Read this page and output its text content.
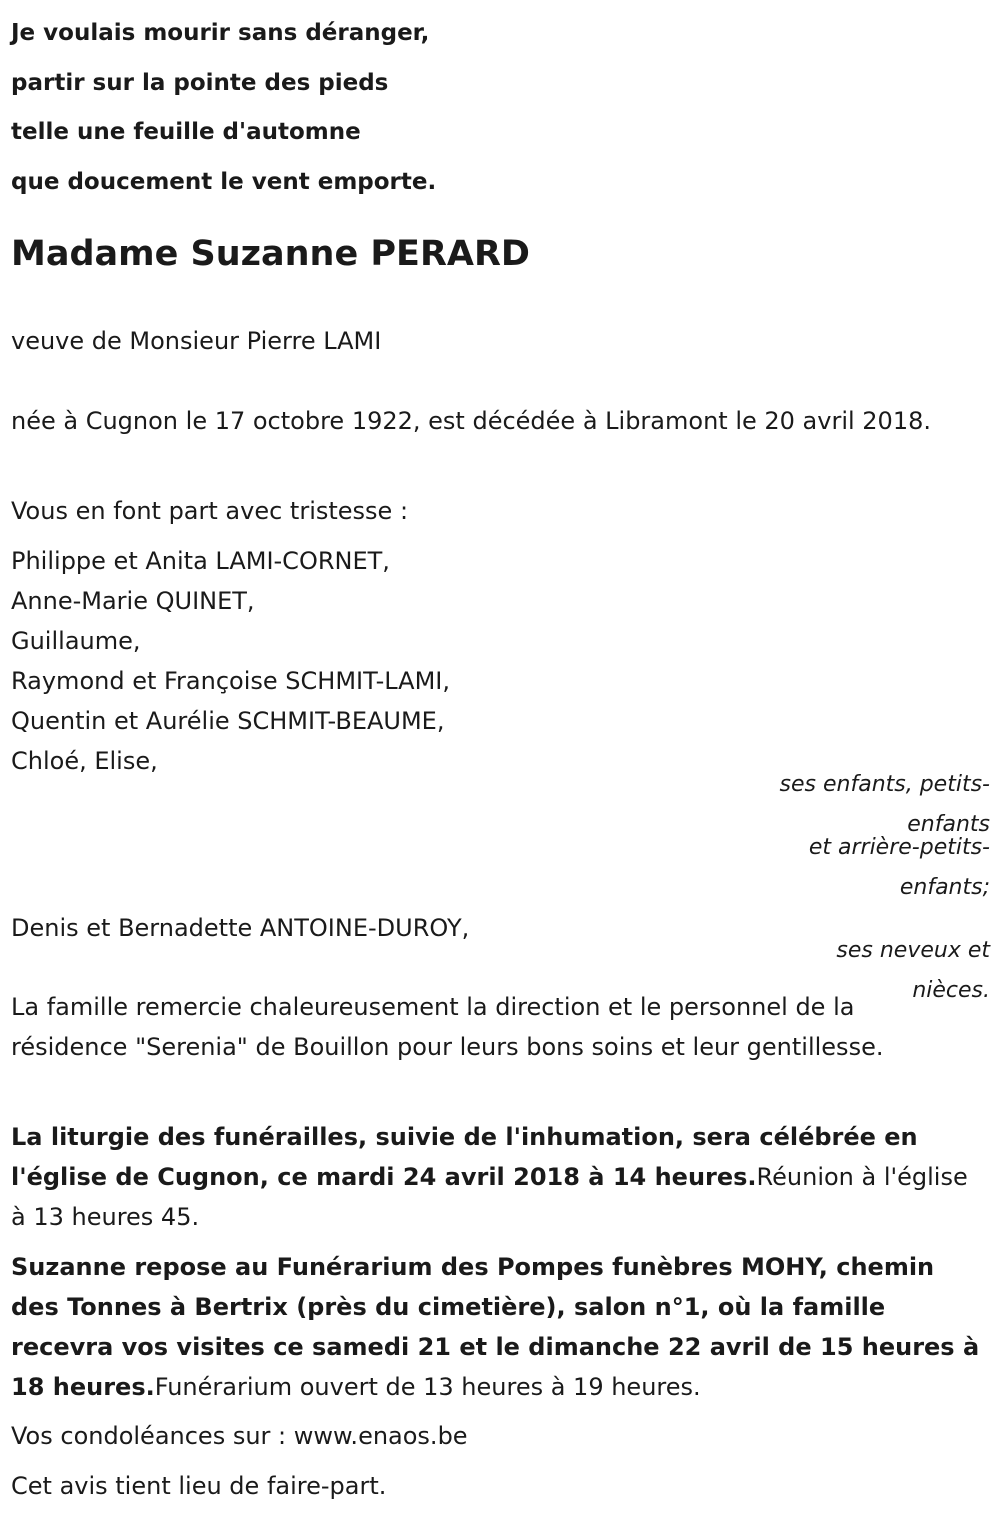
Je voulais mourir sans déranger,
partir sur la pointe des pieds
telle une feuille d'automne
que doucement le vent emporte.
Madame Suzanne PERARD
veuve de Monsieur Pierre LAMI
née à Cugnon le 17 octobre 1922, est décédée à Libramont le 20 avril 2018.
Vous en font part avec tristesse :
Philippe et Anita LAMI-CORNET,
Anne-Marie QUINET,
Guillaume,
Raymond et Françoise SCHMIT-LAMI,
Quentin et Aurélie SCHMIT-BEAUME,
Chloé, Elise,
ses enfants, petits-
enfants
et arrière-petits-
enfants;
Denis et Bernadette ANTOINE-DUROY,
ses neveux et
nièces.
La famille remercie chaleureusement la direction et le personnel de la résidence "Serenia" de Bouillon pour leurs bons soins et leur gentillesse.
La liturgie des funérailles, suivie de l'inhumation, sera célébrée en l'église de Cugnon, ce mardi 24 avril 2018 à 14 heures.Réunion à l'église à 13 heures 45.
Suzanne repose au Funérarium des Pompes funèbres MOHY, chemin des Tonnes à Bertrix (près du cimetière), salon n°1, où la famille recevra vos visites ce samedi 21 et le dimanche 22 avril de 15 heures à 18 heures.Funérarium ouvert de 13 heures à 19 heures.
Vos condoléances sur : www.enaos.be
Cet avis tient lieu de faire-part.
